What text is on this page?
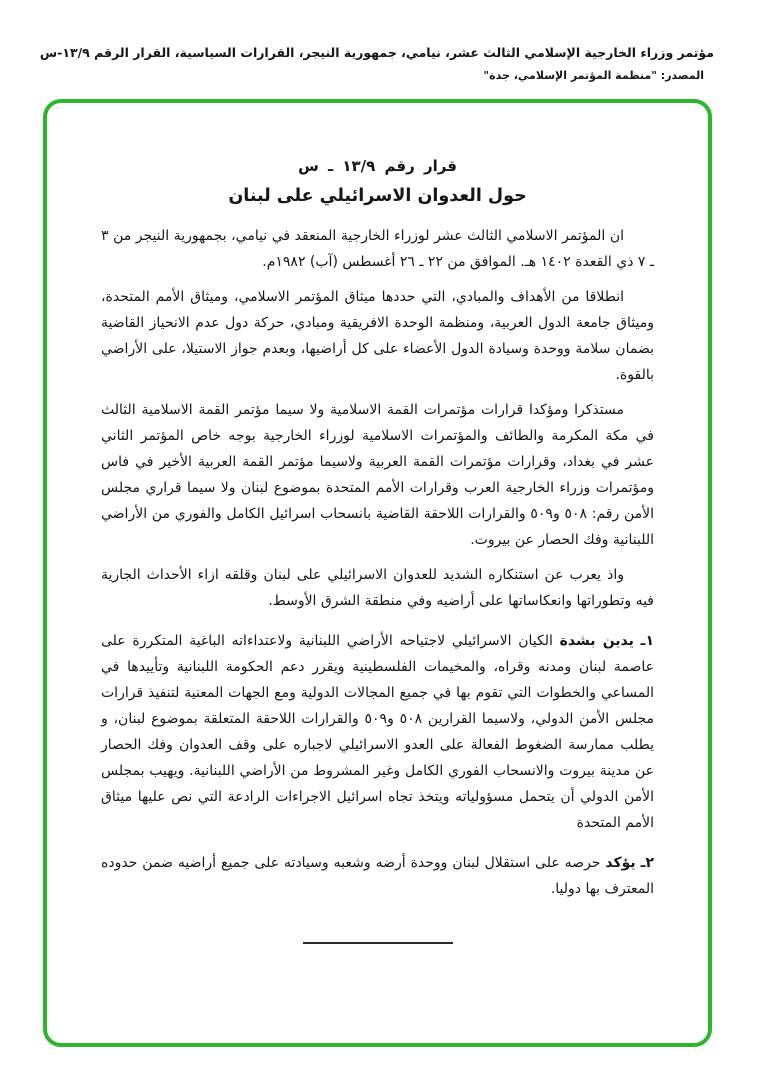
مؤتمر وزراء الخارجية الإسلامي الثالث عشر، نيامي، جمهورية النيجر، القرارات السياسية، القرار الرقم ١٣/٩-س
المصدر: "منظمة المؤتمر الإسلامي، جدة"
قرار رقم ١٣/٩ ـ س
حول العدوان الاسرائيلي على لبنان

ان المؤتمر الاسلامي الثالث عشر لوزراء الخارجية المنعقد في نيامي، بجمهورية النيجر من ٣ ـ ٧ ذي القعدة ١٤٠٢ هـ. الموافق من ٢٢ ـ ٢٦ أغسطس (آب) ١٩٨٢م.

انطلاقا من الأهداف والمبادي، التي حددها ميثاق المؤتمر الاسلامي، وميثاق الأمم المتحدة، وميثاق جامعة الدول العربية، ومنظمة الوحدة الافريقية ومبادي، حركة دول عدم الانحياز القاضية بضمان سلامة ووحدة وسيادة الدول الأعضاء على كل أراضيها، وبعدم جواز الاستيلا، على الأراضي بالقوة.

مستذكرا ومؤكدا قرارات مؤتمرات القمة الاسلامية ولا سيما مؤتمر القمة الاسلامية الثالث في مكة المكرمة والطائف والمؤتمرات الاسلامية لوزراء الخارجية بوجه خاص المؤتمر الثاني عشر في بغداد، وقرارات مؤتمرات القمة العربية ولاسيما مؤتمر القمة العربية الأخير في فاس ومؤتمرات وزراء الخارجية العرب وقرارات الأمم المتحدة بموضوع لبنان ولا سيما قراري مجلس الأمن رقم: ٥٠٨ و٥٠٩ والقرارات اللاحقة القاضية بانسحاب اسرائيل الكامل والفوري من الأراضي اللبنانية وفك الحصار عن بيروت.

واذ يعرب عن استنكاره الشديد للعدوان الاسرائيلي على لبنان وقلقه ازاء الأحداث الجارية فيه وتطوراتها وانعكاساتها على أراضيه وفي منطقة الشرق الأوسط.

١ـ يدين بشدة الكيان الاسرائيلي لاجتياحه الأراضي اللبنانية ولاعتداءاته الباغية المتكررة على عاصمة لبنان ومدنه وقراه، والمخيمات الفلسطينية ويقرر دعم الحكومة اللبنانية وتأييدها في المساعي والخطوات التي تقوم بها في جميع المجالات الدولية ومع الجهات المعنية لتنفيذ قرارات مجلس الأمن الدولي، ولاسيما القرارين ٥٠٨ و٥٠٩ والقرارات اللاحقة المتعلقة بموضوع لبنان، و يطلب ممارسة الضغوط الفعالة على العدو الاسرائيلي لاجباره على وقف العدوان وفك الحصار عن مدينة بيروت والانسحاب الفوري الكامل وغير المشروط من الأراضي اللبنانية. ويهيب بمجلس الأمن الدولي أن يتحمل مسؤولياته ويتخذ تجاه اسرائيل الاجراءات الرادعة التي نص عليها ميثاق الأمم المتحدة
٢ـ يؤكد حرصه على استقلال لبنان ووحدة أرضه وشعبه وسيادته على جميع أراضيه ضمن حدوده المعترف بها دوليا.
